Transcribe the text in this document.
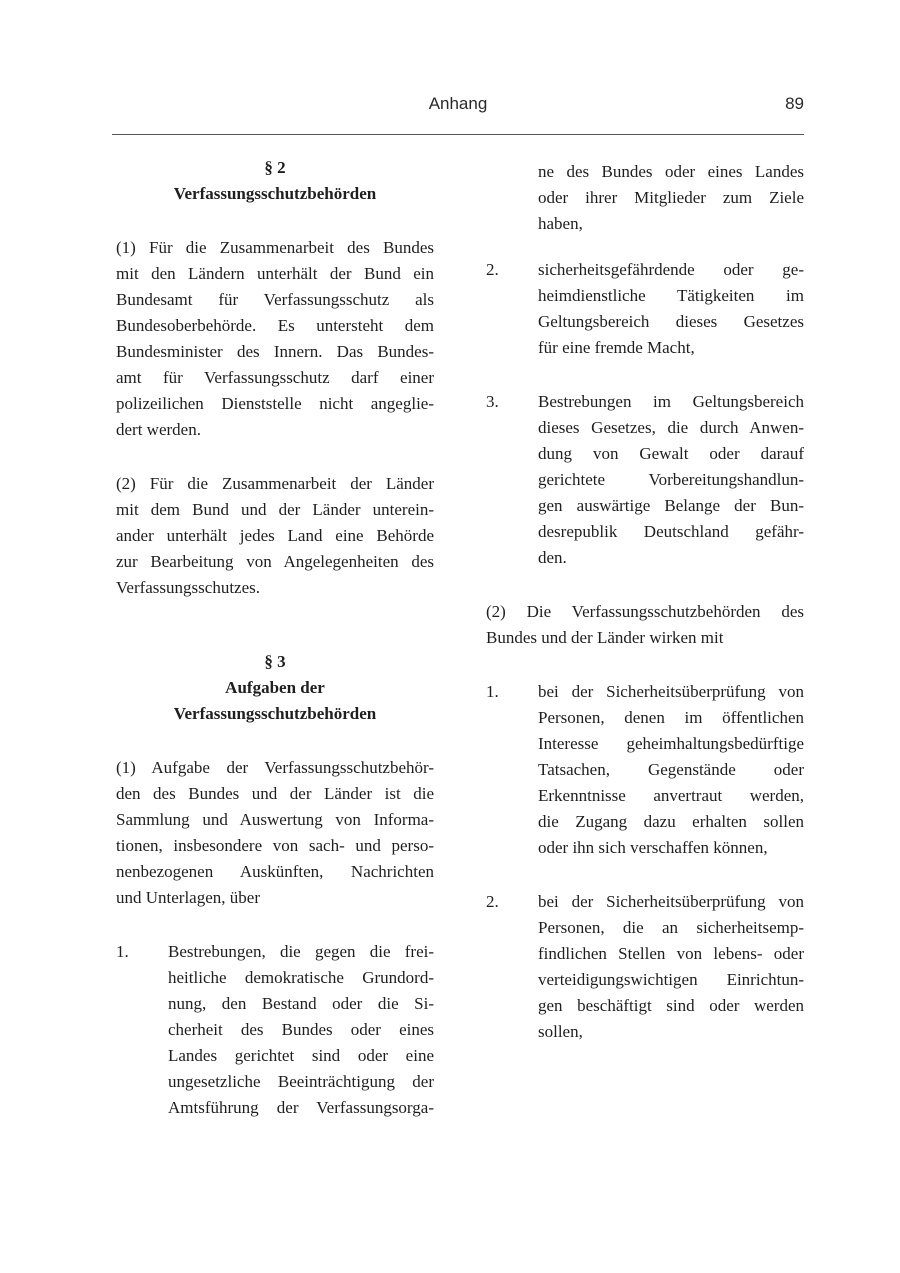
Anhang	89
§ 2
Verfassungsschutzbehörden
(1) Für die Zusammenarbeit des Bundes
mit den Ländern unterhält der Bund ein
Bundesamt für Verfassungsschutz als
Bundesoberbehörde. Es untersteht dem
Bundesminister des Innern. Das Bundes-
amt für Verfassungsschutz darf einer
polizeilichen Dienststelle nicht angeglie-
dert werden.
(2) Für die Zusammenarbeit der Länder
mit dem Bund und der Länder unterein-
ander unterhält jedes Land eine Behörde
zur Bearbeitung von Angelegenheiten des
Verfassungsschutzes.
§ 3
Aufgaben der
Verfassungsschutzbehörden
(1) Aufgabe der Verfassungsschutzbehör-
den des Bundes und der Länder ist die
Sammlung und Auswertung von Informa-
tionen, insbesondere von sach- und perso-
nenbezogenen Auskünften, Nachrichten
und Unterlagen, über
1. Bestrebungen, die gegen die frei-
heitliche demokratische Grundord-
nung, den Bestand oder die Si-
cherheit des Bundes oder eines
Landes gerichtet sind oder eine
ungesetzliche Beeinträchtigung der
Amtsführung der Verfassungsorga-
ne des Bundes oder eines Landes
oder ihrer Mitglieder zum Ziele
haben,
2. sicherheitsgefährdende oder ge-
heimdienstliche Tätigkeiten im
Geltungsbereich dieses Gesetzes
für eine fremde Macht,
3. Bestrebungen im Geltungsbereich
dieses Gesetzes, die durch Anwen-
dung von Gewalt oder darauf
gerichtete Vorbereitungshandlun-
gen auswärtige Belange der Bun-
desrepublik Deutschland gefähr-
den.
(2) Die Verfassungsschutzbehörden des
Bundes und der Länder wirken mit
1. bei der Sicherheitsüberprüfung von
Personen, denen im öffentlichen
Interesse geheimhaltungsbedürftige
Tatsachen, Gegenstände oder
Erkenntnisse anvertraut werden,
die Zugang dazu erhalten sollen
oder ihn sich verschaffen können,
2. bei der Sicherheitsüberprüfung von
Personen, die an sicherheitsemp-
findlichen Stellen von lebens- oder
verteidigungswichtigen Einrichtun-
gen beschäftigt sind oder werden
sollen,
